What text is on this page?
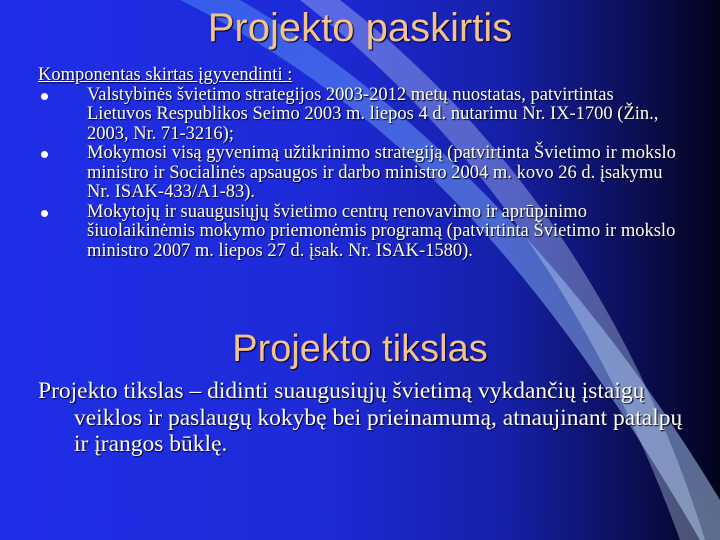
Projekto paskirtis
Komponentas skirtas įgyvendinti :
Valstybinės švietimo strategijos 2003-2012 metų nuostatas, patvirtintas Lietuvos Respublikos Seimo 2003 m. liepos 4 d. nutarimu Nr. IX-1700 (Žin., 2003, Nr. 71-3216);
Mokymosi visą gyvenimą užtikrinimo strategiją (patvirtinta Švietimo ir mokslo ministro ir Socialinės apsaugos ir darbo ministro 2004 m. kovo 26 d. įsakymu Nr. ISAK-433/A1-83).
Mokytojų ir suaugusiųjų švietimo centrų renovavimo ir aprūpinimo šiuolaikinėmis mokymo priemonėmis programą (patvirtinta Švietimo ir mokslo ministro 2007 m. liepos 27 d. įsak. Nr. ISAK-1580).
Projekto tikslas
Projekto tikslas – didinti suaugusiųjų švietimą vykdančių įstaigų veiklos ir paslaugų kokybę bei prieinamumą, atnaujinant patalpų ir įrangos būklę.
